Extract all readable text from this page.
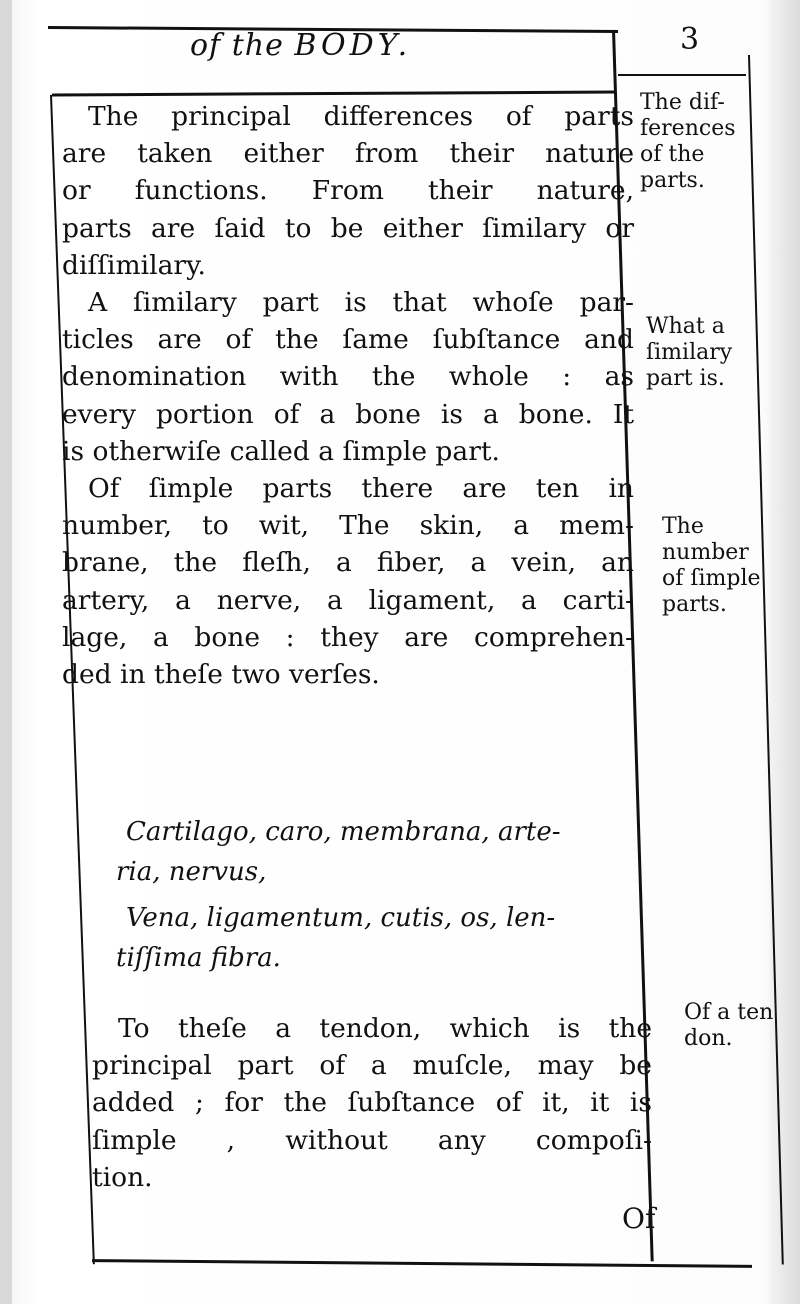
of the BODY.	3

The principal differences of parts
are taken either from their nature
or functions. From their nature,
parts are ſaid to be either ſimilary or
diſſimilary.

A ſimilary part is that whoſe par-
ticles are of the ſame ſubſtance and
denomination with the whole : as
every portion of a bone is a bone. It
is otherwiſe called a ſimple part.

Of ſimple parts there are ten in
number, to wit, The skin, a mem-
brane, the fleſh, a fiber, a vein, an
artery, a nerve, a ligament, a carti-
lage, a bone : they are comprehen-
ded in theſe two verſes.

Cartilago, caro, membrana, arte-
ria, nervus,
Vena, ligamentum, cutis, os, len-
tiſſima fibra.

To theſe a tendon, which is the
principal part of a muſcle, may be
added ; for the ſubſtance of it, it is
ſimple , without any compoſi-
tion.

The dif-
ferences
of the
parts.
What a
ſimilary
part is.
The
number
of ſimple
parts.
Of a ten
don.
Of
